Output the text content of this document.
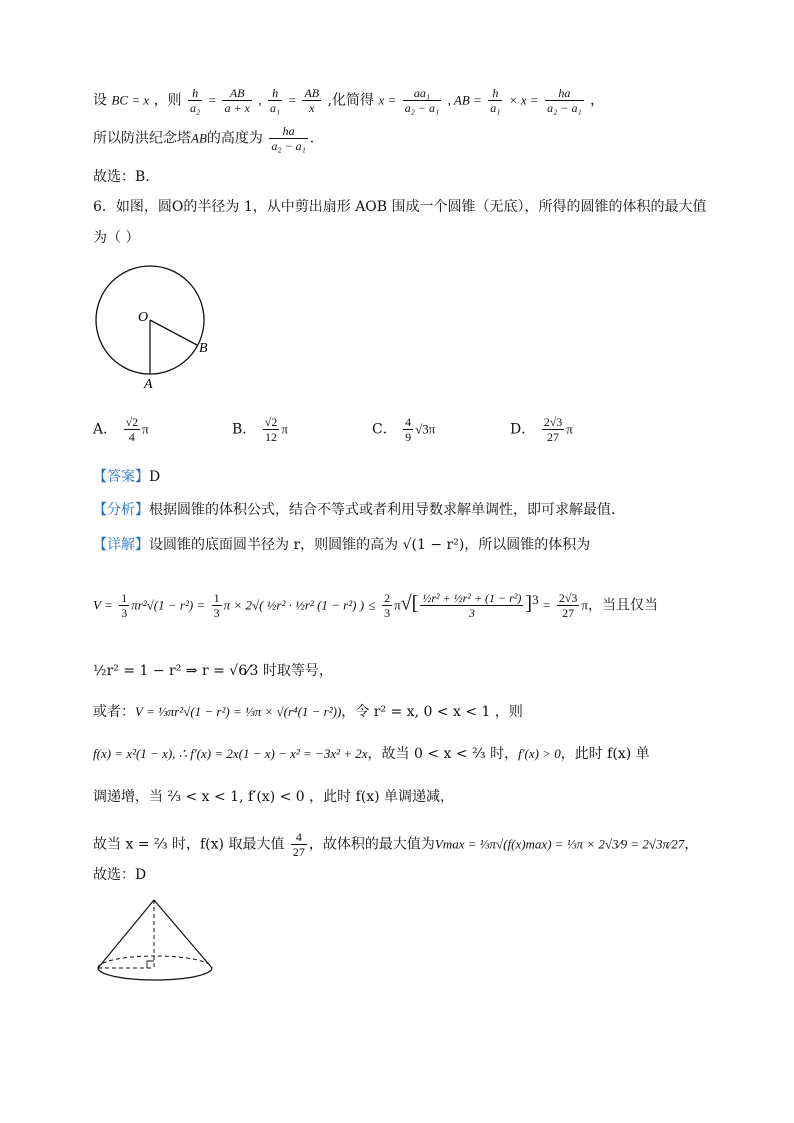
设 BC = x ，则 $\frac{h}{\text{a₂}} = \frac{AB}{a + x}$ , $\frac{h}{\text{a₁}} = \frac{AB}{x}$ ,化简得 $x = \frac{\text{aa₁}}{\text{a₂ − a₁}}$ , AB = $\frac{h}{\text{a₁}} \times x = \frac{ha}{\text{a₂ − a₁}}$ ，
所以防洪纪念塔AB的高度为 $\frac{ha}{\text{a₂ − a₁}}$ .
故选：B.
6．如图，圆O的半径为 1，从中剪出扇形 AOB 围成一个圆锥（无底），所得的圆锥的体积的最大值
为（ ）
O
A
B
A． $\frac{√2}{4}$ π	B． $\frac{√2}{12}$ π	C． $\frac{4}{9} √3\pi$	D． $\frac{2√3}{27}$ π
【答案】D
【分析】根据圆锥的体积公式，结合不等式或者利用导数求解单调性，即可求解最值.
【详解】设圆锥的底面圆半径为 r，则圆锥的高为 √(1 − r²)，所以圆锥的体积为
$V = \frac{1}{3} \pi r^2√(1 - r^2) = \frac{1}{3}$ π × 2√( ½r² · ½r² (1 − r²) ) ≤ $\frac{2}{3} \pi√[ \frac{\text{½r² + ½r² + (1 − r²)}}{3} ]^3 = \frac{2√3}{27}$ π，当且仅当
½r² = 1 − r² ⇒ r = √6⁄3 时取等号，
或者：V = ⅓πr²√(1 − r²) = ⅓π × √(r⁴(1 − r²))，令 r² = x, 0 < x < 1 ，则
f(x) = x²(1 − x), ∴ f′(x) = 2x(1 − x) − x² = −3x² + 2x，故当 0 < x < ⅔ 时，f′(x) > 0，此时 f(x) 单
调递增，当 ⅔ < x < 1, f′(x) < 0 ，此时 f(x) 单调递减，
故当 x = ⅔ 时，f(x) 取最大值 $\frac{4}{27}$ ，故体积的最大值为Vmax = ⅓π√(f(x)max) = ⅓π × 2√3⁄9 = 2√3π⁄27，
故选：D
